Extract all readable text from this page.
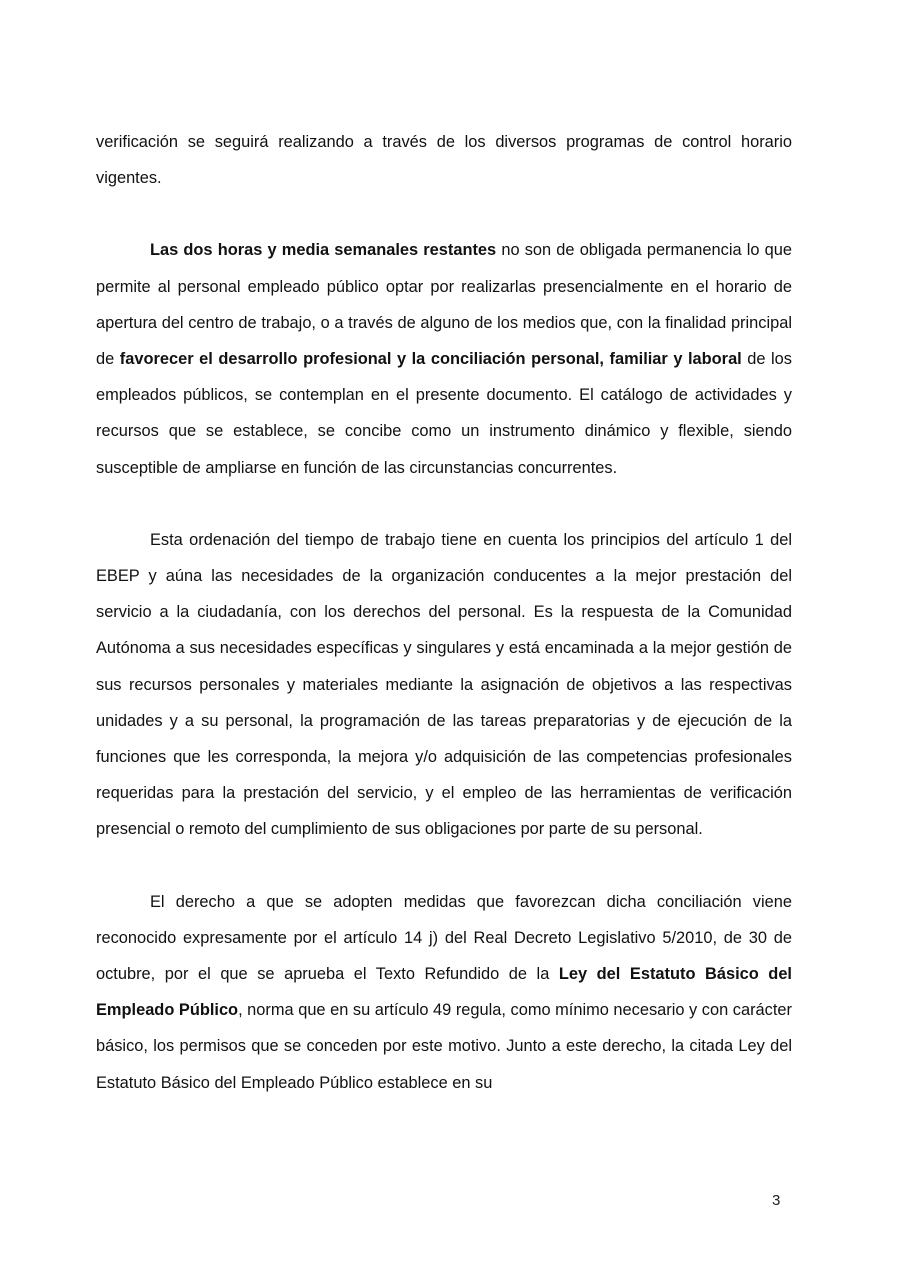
verificación se seguirá realizando a través de los diversos programas de control horario vigentes.

Las dos horas y media semanales restantes no son de obligada permanencia lo que permite al personal empleado público optar por realizarlas presencialmente en el horario de apertura del centro de trabajo, o a través de alguno de los medios que, con la finalidad principal de favorecer el desarrollo profesional y la conciliación personal, familiar y laboral de los empleados públicos, se contemplan en el presente documento. El catálogo de actividades y recursos que se establece, se concibe como un instrumento dinámico y flexible, siendo susceptible de ampliarse en función de las circunstancias concurrentes.

Esta ordenación del tiempo de trabajo tiene en cuenta los principios del artículo 1 del EBEP y aúna las necesidades de la organización conducentes a la mejor prestación del servicio a la ciudadanía, con los derechos del personal. Es la respuesta de la Comunidad Autónoma a sus necesidades específicas y singulares y está encaminada a la mejor gestión de sus recursos personales y materiales mediante la asignación de objetivos a las respectivas unidades y a su personal, la programación de las tareas preparatorias y de ejecución de la funciones que les corresponda, la mejora y/o adquisición de las competencias profesionales requeridas para la prestación del servicio, y el empleo de las herramientas de verificación presencial o remoto del cumplimiento de sus obligaciones por parte de su personal.

El derecho a que se adopten medidas que favorezcan dicha conciliación viene reconocido expresamente por el artículo 14 j) del Real Decreto Legislativo 5/2010, de 30 de octubre, por el que se aprueba el Texto Refundido de la Ley del Estatuto Básico del Empleado Público, norma que en su artículo 49 regula, como mínimo necesario y con carácter básico, los permisos que se conceden por este motivo. Junto a este derecho, la citada Ley del Estatuto Básico del Empleado Público establece en su

3
